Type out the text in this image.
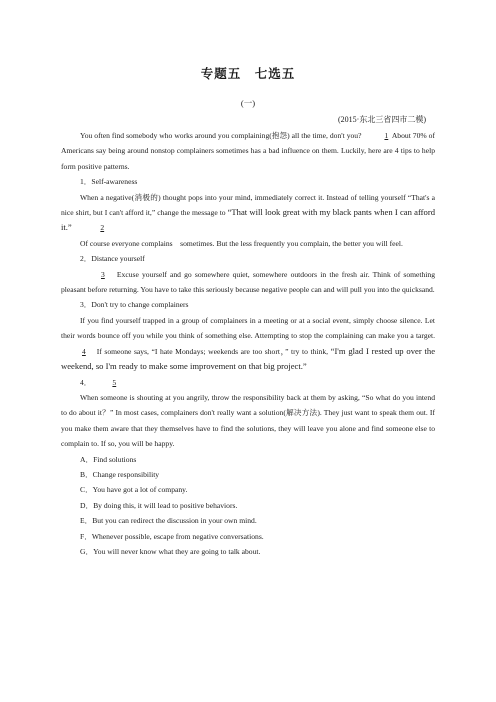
专题五　七选五
(一)
(2015·东北三省四市二模)

You often find somebody who works around you complaining(抱怨) all the time, don't you?	1 About 70% of Americans say being around nonstop complainers sometimes has a bad influence on them. Luckily, here are 4 tips to help form positive patterns.

1．Self-awareness

When a negative(消极的) thought pops into your mind, immediately correct it. Instead of telling yourself “That's a nice shirt, but I can't afford it,” change the message to “That will look great with my black pants when I can afford it.”　	2

Of course everyone complains　sometimes. But the less frequently you complain, the better you will feel.

2．Distance yourself

3　 Excuse yourself and go somewhere quiet, somewhere outdoors in the fresh air. Think of something pleasant before returning. You have to take this seriously because negative people can and will pull you into the quicksand.

3．Don't try to change complainers

If you find yourself trapped in a group of complainers in a meeting or at a social event, simply choose silence. Let their words bounce off you while you think of something else. Attempting to stop the complaining can make you a target.　4　 If someone says, “I hate Mondays; weekends are too short，” try to think, “I'm glad I rested up over the weekend, so I'm ready to make some improvement on that big project.”

4．	5

When someone is shouting at you angrily, throw the responsibility back at them by asking, “So what do you intend to do about it？” In most cases, complainers don't really want a solution(解决方法). They just want to speak them out. If you make them aware that they themselves have to find the solutions, they will leave you alone and find someone else to complain to. If so, you will be happy.

A．Find solutions

B．Change responsibility

C．You have got a lot of company.

D．By doing this, it will lead to positive behaviors.

E．But you can redirect the discussion in your own mind.

F．Whenever possible, escape from negative conversations.

G．You will never know what they are going to talk about.
